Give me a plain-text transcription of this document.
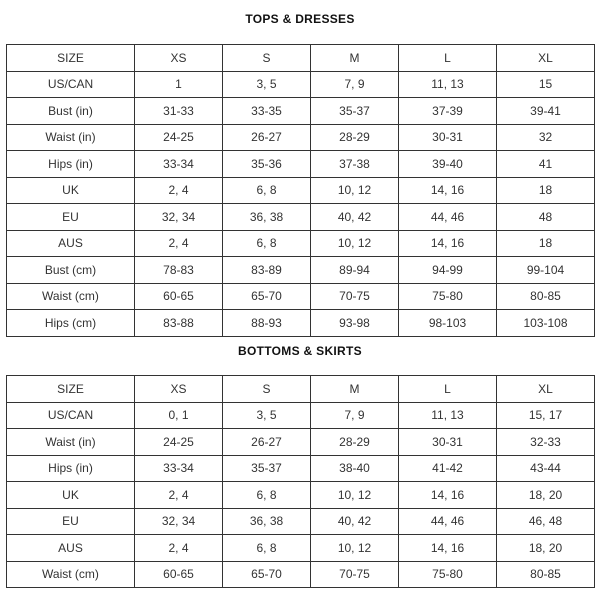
TOPS & DRESSES
SIZE	XS	S	M	L	XL
US/CAN	1	3, 5	7, 9	11, 13	15
Bust (in)	31-33	33-35	35-37	37-39	39-41
Waist (in)	24-25	26-27	28-29	30-31	32
Hips (in)	33-34	35-36	37-38	39-40	41
UK	2, 4	6, 8	10, 12	14, 16	18
EU	32, 34	36, 38	40, 42	44, 46	48
AUS	2, 4	6, 8	10, 12	14, 16	18
Bust (cm)	78-83	83-89	89-94	94-99	99-104
Waist (cm)	60-65	65-70	70-75	75-80	80-85
Hips (cm)	83-88	88-93	93-98	98-103	103-108
BOTTOMS & SKIRTS
SIZE	XS	S	M	L	XL
US/CAN	0, 1	3, 5	7, 9	11, 13	15, 17
Waist (in)	24-25	26-27	28-29	30-31	32-33
Hips (in)	33-34	35-37	38-40	41-42	43-44
UK	2, 4	6, 8	10, 12	14, 16	18, 20
EU	32, 34	36, 38	40, 42	44, 46	46, 48
AUS	2, 4	6, 8	10, 12	14, 16	18, 20
Waist (cm)	60-65	65-70	70-75	75-80	80-85
